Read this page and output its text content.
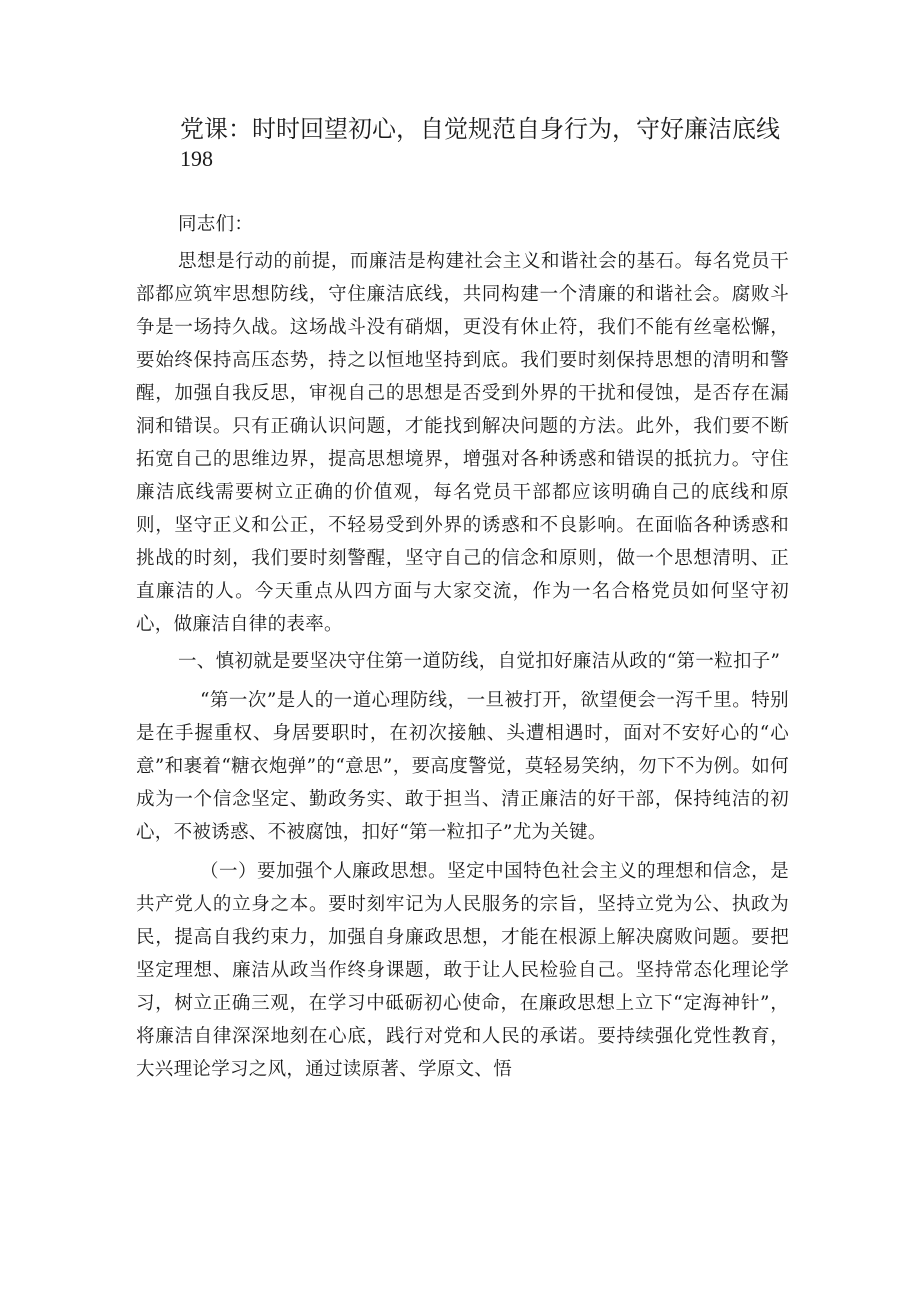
党课：时时回望初心，自觉规范自身行为，守好廉洁底线
198

同志们：

思想是行动的前提，而廉洁是构建社会主义和谐社会的基石。每名党员干部都应筑牢思想防线，守住廉洁底线，共同构建一个清廉的和谐社会。腐败斗争是一场持久战。这场战斗没有硝烟，更没有休止符，我们不能有丝毫松懈，要始终保持高压态势，持之以恒地坚持到底。我们要时刻保持思想的清明和警醒，加强自我反思，审视自己的思想是否受到外界的干扰和侵蚀，是否存在漏洞和错误。只有正确认识问题，才能找到解决问题的方法。此外，我们要不断拓宽自己的思维边界，提高思想境界，增强对各种诱惑和错误的抵抗力。守住廉洁底线需要树立正确的价值观，每名党员干部都应该明确自己的底线和原则，坚守正义和公正，不轻易受到外界的诱惑和不良影响。在面临各种诱惑和挑战的时刻，我们要时刻警醒，坚守自己的信念和原则，做一个思想清明、正直廉洁的人。今天重点从四方面与大家交流，作为一名合格党员如何坚守初心，做廉洁自律的表率。

一、慎初就是要坚决守住第一道防线，自觉扣好廉洁从政的“第一粒扣子”

“第一次”是人的一道心理防线，一旦被打开，欲望便会一泻千里。特别是在手握重权、身居要职时，在初次接触、头遭相遇时，面对不安好心的“心意”和裹着“糖衣炮弹”的“意思”，要高度警觉，莫轻易笑纳，勿下不为例。如何成为一个信念坚定、勤政务实、敢于担当、清正廉洁的好干部，保持纯洁的初心，不被诱惑、不被腐蚀，扣好“第一粒扣子”尤为关键。

（一）要加强个人廉政思想。坚定中国特色社会主义的理想和信念，是共产党人的立身之本。要时刻牢记为人民服务的宗旨，坚持立党为公、执政为民，提高自我约束力，加强自身廉政思想，才能在根源上解决腐败问题。要把坚定理想、廉洁从政当作终身课题，敢于让人民检验自己。坚持常态化理论学习，树立正确三观，在学习中砥砺初心使命，在廉政思想上立下“定海神针”，将廉洁自律深深地刻在心底，践行对党和人民的承诺。要持续强化党性教育，大兴理论学习之风，通过读原著、学原文、悟
